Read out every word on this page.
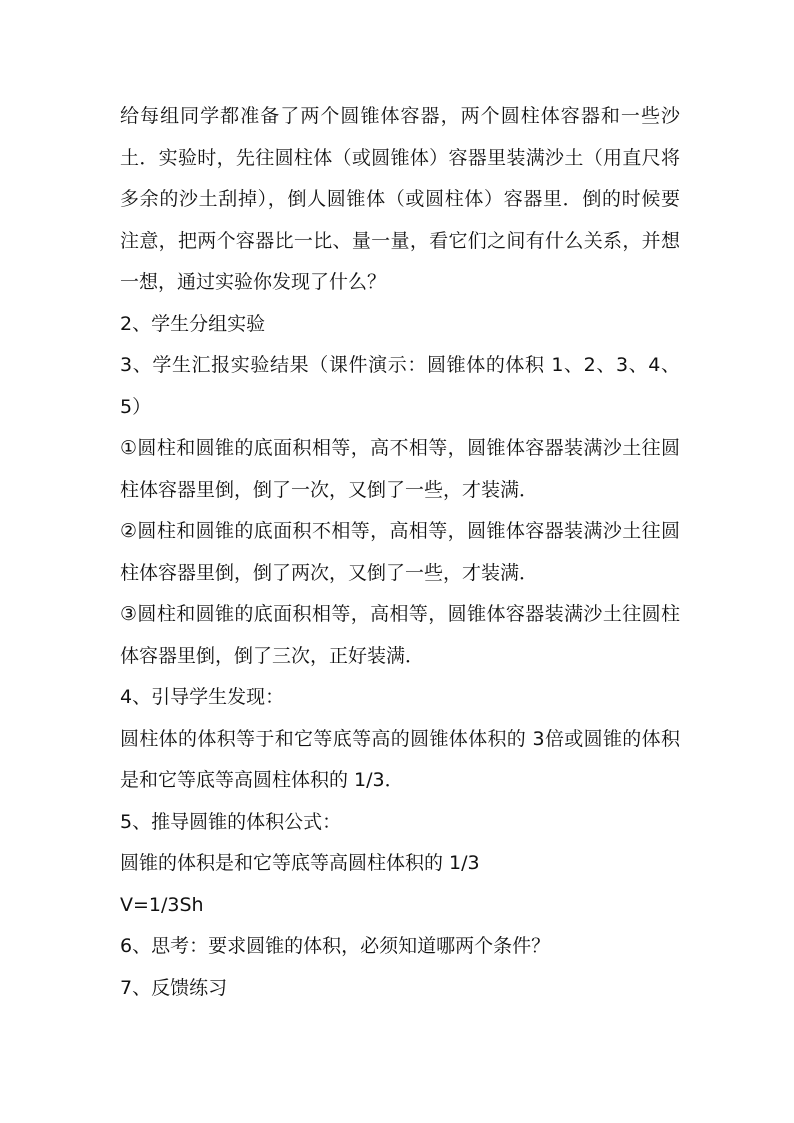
给每组同学都准备了两个圆锥体容器，两个圆柱体容器和一些沙土．实验时，先往圆柱体（或圆锥体）容器里装满沙土（用直尺将多余的沙土刮掉），倒人圆锥体（或圆柱体）容器里．倒的时候要注意，把两个容器比一比、量一量，看它们之间有什么关系，并想一想，通过实验你发现了什么？

2、学生分组实验

3、学生汇报实验结果（课件演示：圆锥体的体积 1、2、3、4、5）

①圆柱和圆锥的底面积相等，高不相等，圆锥体容器装满沙土往圆柱体容器里倒，倒了一次，又倒了一些，才装满．

②圆柱和圆锥的底面积不相等，高相等，圆锥体容器装满沙土往圆柱体容器里倒，倒了两次，又倒了一些，才装满．

③圆柱和圆锥的底面积相等，高相等，圆锥体容器装满沙土往圆柱体容器里倒，倒了三次，正好装满．

4、引导学生发现：

圆柱体的体积等于和它等底等高的圆锥体体积的 3倍或圆锥的体积是和它等底等高圆柱体积的 1/3．

5、推导圆锥的体积公式：

圆锥的体积是和它等底等高圆柱体积的 1/3

V=1/3Sh

6、思考：要求圆锥的体积，必须知道哪两个条件？

7、反馈练习
